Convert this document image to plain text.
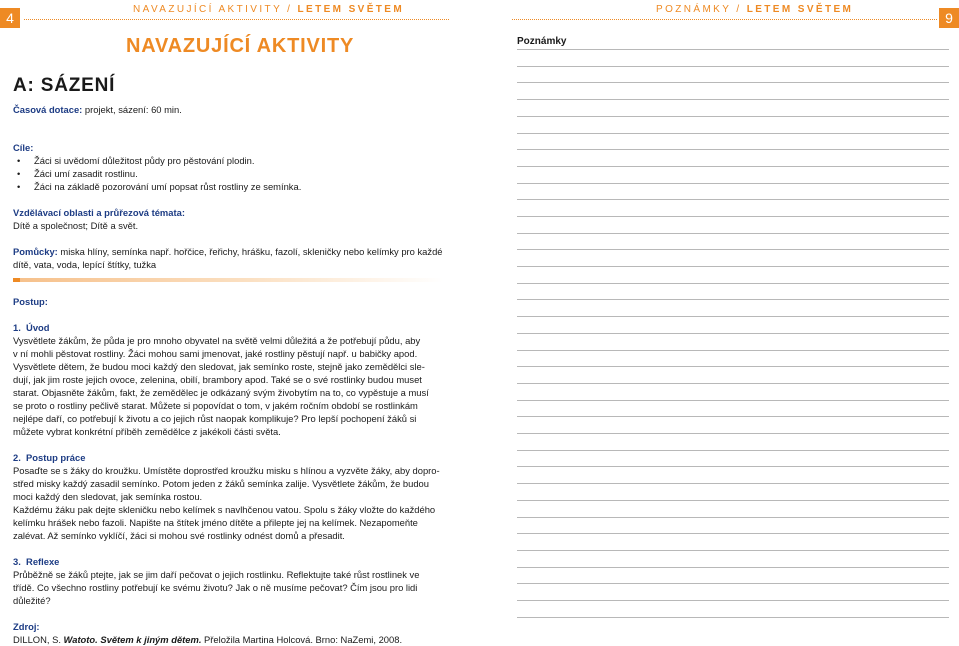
4	9
NAVAZUJÍCÍ AKTIVITY / LETEM SVĚTEM	POZNÁMKY / LETEM SVĚTEM
NAVAZUJÍCÍ AKTIVITY
A: SÁZENÍ

Časová dotace: projekt, sázení: 60 min.

Cíle:

• Žáci si uvědomí důležitost půdy pro pěstování plodin.
• Žáci umí zasadit rostlinu.
• Žáci na základě pozorování umí popsat růst rostliny ze semínka.

Vzdělávací oblasti a průřezová témata:

Dítě a společnost; Dítě a svět.

Pomůcky: miska hlíny, semínka např. hořčice, řeřichy, hrášku, fazolí, skleničky nebo kelímky pro každé

dítě, vata, voda, lepící štítky, tužka

Postup:

1. Úvod

Vysvětlete žákům, že půda je pro mnoho obyvatel na světě velmi důležitá a že potřebují půdu, aby

v ní mohli pěstovat rostliny. Žáci mohou sami jmenovat, jaké rostliny pěstují např. u babičky apod.

Vysvětlete dětem, že budou moci každý den sledovat, jak semínko roste, stejně jako zemědělci sle-

dují, jak jim roste jejich ovoce, zelenina, obilí, brambory apod. Také se o své rostlinky budou muset

starat. Objasněte žákům, fakt, že zemědělec je odkázaný svým živobytím na to, co vypěstuje a musí

se proto o rostliny pečlivě starat. Můžete si popovídat o tom, v jakém ročním období se rostlinkám

nejlépe daří, co potřebují k životu a co jejich růst naopak komplikuje? Pro lepší pochopení žáků si

můžete vybrat konkrétní příběh zemědělce z jakékoli části světa.

2. Postup práce

Posaďte se s žáky do kroužku. Umístěte doprostřed kroužku misku s hlínou a vyzvěte žáky, aby dopro-

střed misky každý zasadil semínko. Potom jeden z žáků semínka zalije. Vysvětlete žákům, že budou

moci každý den sledovat, jak semínka rostou.

Každému žáku pak dejte skleničku nebo kelímek s navlhčenou vatou. Spolu s žáky vložte do každého

kelímku hrášek nebo fazoli. Napište na štítek jméno dítěte a přilepte jej na kelímek. Nezapomeňte

zalévat. Až semínko vyklíčí, žáci si mohou své rostlinky odnést domů a přesadit.

3. Reflexe

Průběžně se žáků ptejte, jak se jim daří pečovat o jejich rostlinku. Reflektujte také růst rostlinek ve

třídě. Co všechno rostliny potřebují ke svému životu? Jak o ně musíme pečovat? Čím jsou pro lidi

důležité?

Zdroj:

DILLON, S. Watoto. Světem k jiným dětem. Přeložila Martina Holcová. Brno: NaZemi, 2008.

Poznámky
